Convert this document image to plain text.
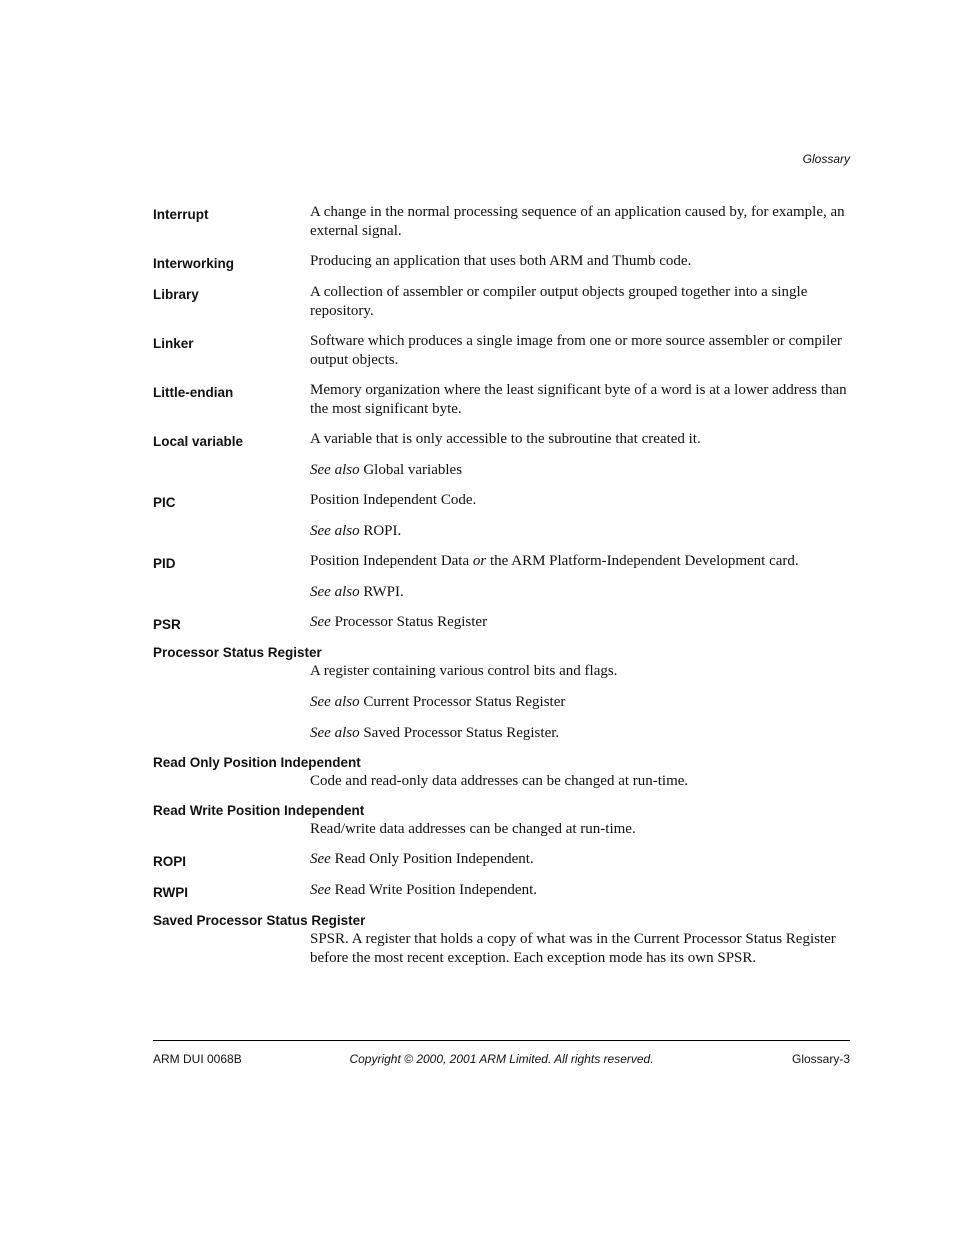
Glossary
Interrupt	A change in the normal processing sequence of an application caused by, for example, an external signal.
Interworking	Producing an application that uses both ARM and Thumb code.
Library	A collection of assembler or compiler output objects grouped together into a single repository.
Linker	Software which produces a single image from one or more source assembler or compiler output objects.
Little-endian	Memory organization where the least significant byte of a word is at a lower address than the most significant byte.
Local variable	A variable that is only accessible to the subroutine that created it.
See also Global variables
PIC	Position Independent Code.
See also ROPI.
PID	Position Independent Data or the ARM Platform-Independent Development card.
See also RWPI.
PSR	See Processor Status Register
Processor Status Register
A register containing various control bits and flags.
See also Current Processor Status Register
See also Saved Processor Status Register.
Read Only Position Independent
Code and read-only data addresses can be changed at run-time.
Read Write Position Independent
Read/write data addresses can be changed at run-time.
ROPI	See Read Only Position Independent.
RWPI	See Read Write Position Independent.
Saved Processor Status Register
SPSR. A register that holds a copy of what was in the Current Processor Status Register before the most recent exception. Each exception mode has its own SPSR.
ARM DUI 0068B	Copyright © 2000, 2001 ARM Limited. All rights reserved.	Glossary-3
